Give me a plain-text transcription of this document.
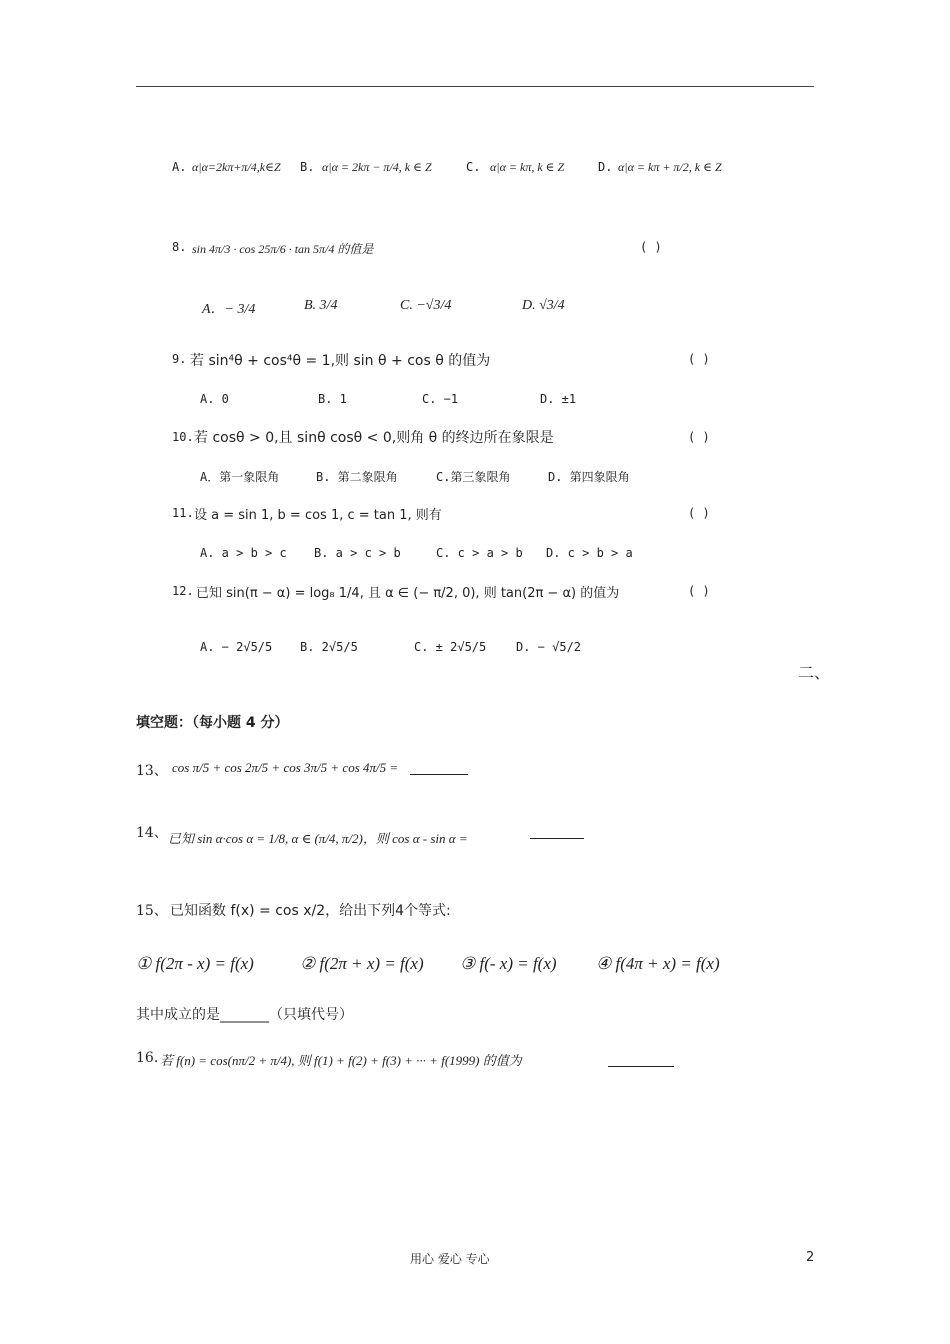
A. α|α=2kπ+π/4,k∈Z B. α|α = 2kπ − π/4, k ∈ Z	C. α|α = kπ, k ∈ Z	D. α|α = kπ + π/2, k ∈ Z
8. sin 4π/3 · cos 25π/6 · tan 5π/4 的值是	( )
A．− 3/4	B. 3/4	C. −√3/4	D. √3/4
9. 若 sin⁴θ + cos⁴θ = 1,则 sin θ + cos θ 的值为	( )
A. 0	B. 1	C. −1	D. ±1
10. 若 cosθ > 0,且 sinθ cosθ < 0,则角 θ 的终边所在象限是	( )
A．第一象限角	B. 第二象限角	C.第三象限角	D. 第四象限角
11. 设 a = sin 1, b = cos 1, c = tan 1, 则有	( )
A. a > b > c B. a > c > b	C. c > a > b D. c > b > a
12. 已知 sin(π − α) = log₈ 1/4, 且 α ∈ (− π/2, 0), 则 tan(2π − α) 的值为	( )
A. − 2√5/5 B. 2√5/5	C. ± 2√5/5 D. − √5/2
二、
填空题：（每小题 4 分）
13、 cos π/5 + cos 2π/5 + cos 3π/5 + cos 4π/5 =
14、 已知 sin α·cos α = 1/8, α ∈ (π/4, π/2)，则 cos α - sin α =
15、 已知函数 f(x) = cos x/2，给出下列4个等式:
① f(2π - x) = f(x)	② f(2π + x) = f(x) ③ f(- x) = f(x) ④ f(4π + x) = f(x)
其中成立的是_______（只填代号）
16. 若 f(n) = cos(nπ/2 + π/4), 则 f(1) + f(2) + f(3) + ··· + f(1999) 的值为
用心 爱心 专心	2
